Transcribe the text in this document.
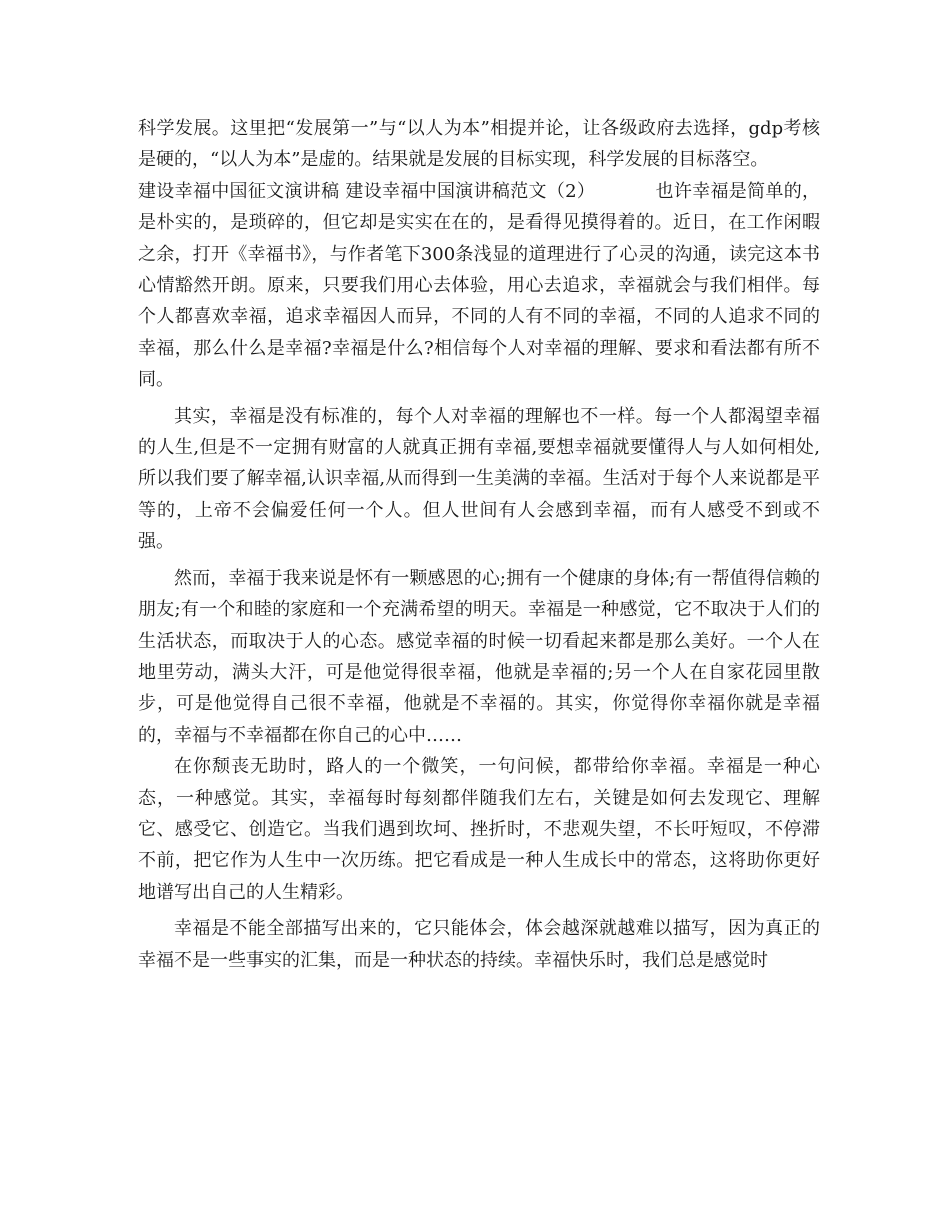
科学发展。这里把“发展第一”与“以人为本”相提并论，让各级政府去选择，gdp考核是硬的，“以人为本”是虚的。结果就是发展的目标实现，科学发展的目标落空。

建设幸福中国征文演讲稿 建设幸福中国演讲稿范文（2）	也许幸福是简单的，是朴实的，是琐碎的，但它却是实实在在的，是看得见摸得着的。近日，在工作闲暇之余，打开《幸福书》，与作者笔下300条浅显的道理进行了心灵的沟通，读完这本书心情豁然开朗。原来，只要我们用心去体验，用心去追求，幸福就会与我们相伴。每个人都喜欢幸福，追求幸福因人而异，不同的人有不同的幸福，不同的人追求不同的幸福，那么什么是幸福?幸福是什么?相信每个人对幸福的理解、要求和看法都有所不同。

其实，幸福是没有标准的，每个人对幸福的理解也不一样。每一个人都渴望幸福的人生,但是不一定拥有财富的人就真正拥有幸福,要想幸福就要懂得人与人如何相处,所以我们要了解幸福,认识幸福,从而得到一生美满的幸福。生活对于每个人来说都是平等的，上帝不会偏爱任何一个人。但人世间有人会感到幸福，而有人感受不到或不强。

然而，幸福于我来说是怀有一颗感恩的心;拥有一个健康的身体;有一帮值得信赖的朋友;有一个和睦的家庭和一个充满希望的明天。幸福是一种感觉，它不取决于人们的生活状态，而取决于人的心态。感觉幸福的时候一切看起来都是那么美好。一个人在地里劳动，满头大汗，可是他觉得很幸福，他就是幸福的;另一个人在自家花园里散步，可是他觉得自己很不幸福，他就是不幸福的。其实，你觉得你幸福你就是幸福的，幸福与不幸福都在你自己的心中……

在你颓丧无助时，路人的一个微笑，一句问候，都带给你幸福。幸福是一种心态，一种感觉。其实，幸福每时每刻都伴随我们左右，关键是如何去发现它、理解它、感受它、创造它。当我们遇到坎坷、挫折时，不悲观失望，不长吁短叹，不停滞不前，把它作为人生中一次历练。把它看成是一种人生成长中的常态，这将助你更好地谱写出自己的人生精彩。

幸福是不能全部描写出来的，它只能体会，体会越深就越难以描写，因为真正的幸福不是一些事实的汇集，而是一种状态的持续。幸福快乐时，我们总是感觉时
